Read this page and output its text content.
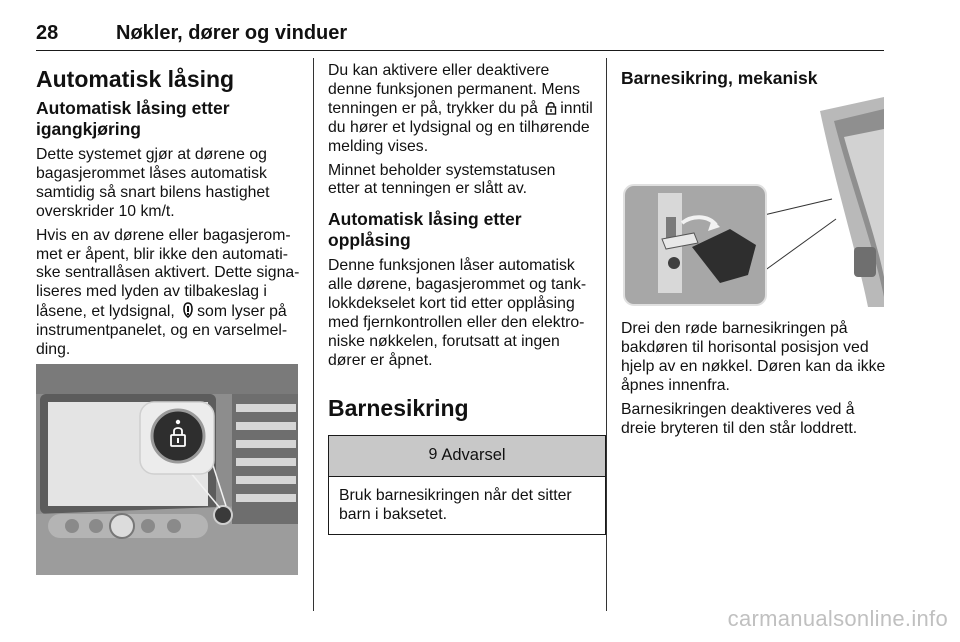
28	Nøkler, dører og vinduer
Automatisk låsing
Automatisk låsing etter
igangkjøring

Dette systemet gjør at dørene og
bagasjerommet låses automatisk
samtidig så snart bilens hastighet
overskrider 10 km/t.

Hvis en av dørene eller bagasjerom-
met er åpent, blir ikke den automati-
ske sentrallåsen aktivert. Dette signa-
liseres med lyden av tilbakeslag i
låsene, et lydsignal, som lyser på
instrumentpanelet, og en varselmel-
ding.

Du kan aktivere eller deaktivere
denne funksjonen permanent. Mens
tenningen er på, trykker du på inntil
du hører et lydsignal og en tilhørende
melding vises.

Minnet beholder systemstatusen
etter at tenningen er slått av.

Automatisk låsing etter opplåsing

Denne funksjonen låser automatisk
alle dørene, bagasjerommet og tank-
lokkdekselet kort tid etter opplåsing
med fjernkontrollen eller den elektro-
niske nøkkelen, forutsatt at ingen
dører er åpnet.

Barnesikring
9 Advarsel
Bruk barnesikringen når det sitter
barn i baksetet.
Barnesikring, mekanisk

Drei den røde barnesikringen på
bakdøren til horisontal posisjon ved
hjelp av en nøkkel. Døren kan da ikke
åpnes innenfra.

Barnesikringen deaktiveres ved å
dreie bryteren til den står loddrett.

carmanualsonline.info
